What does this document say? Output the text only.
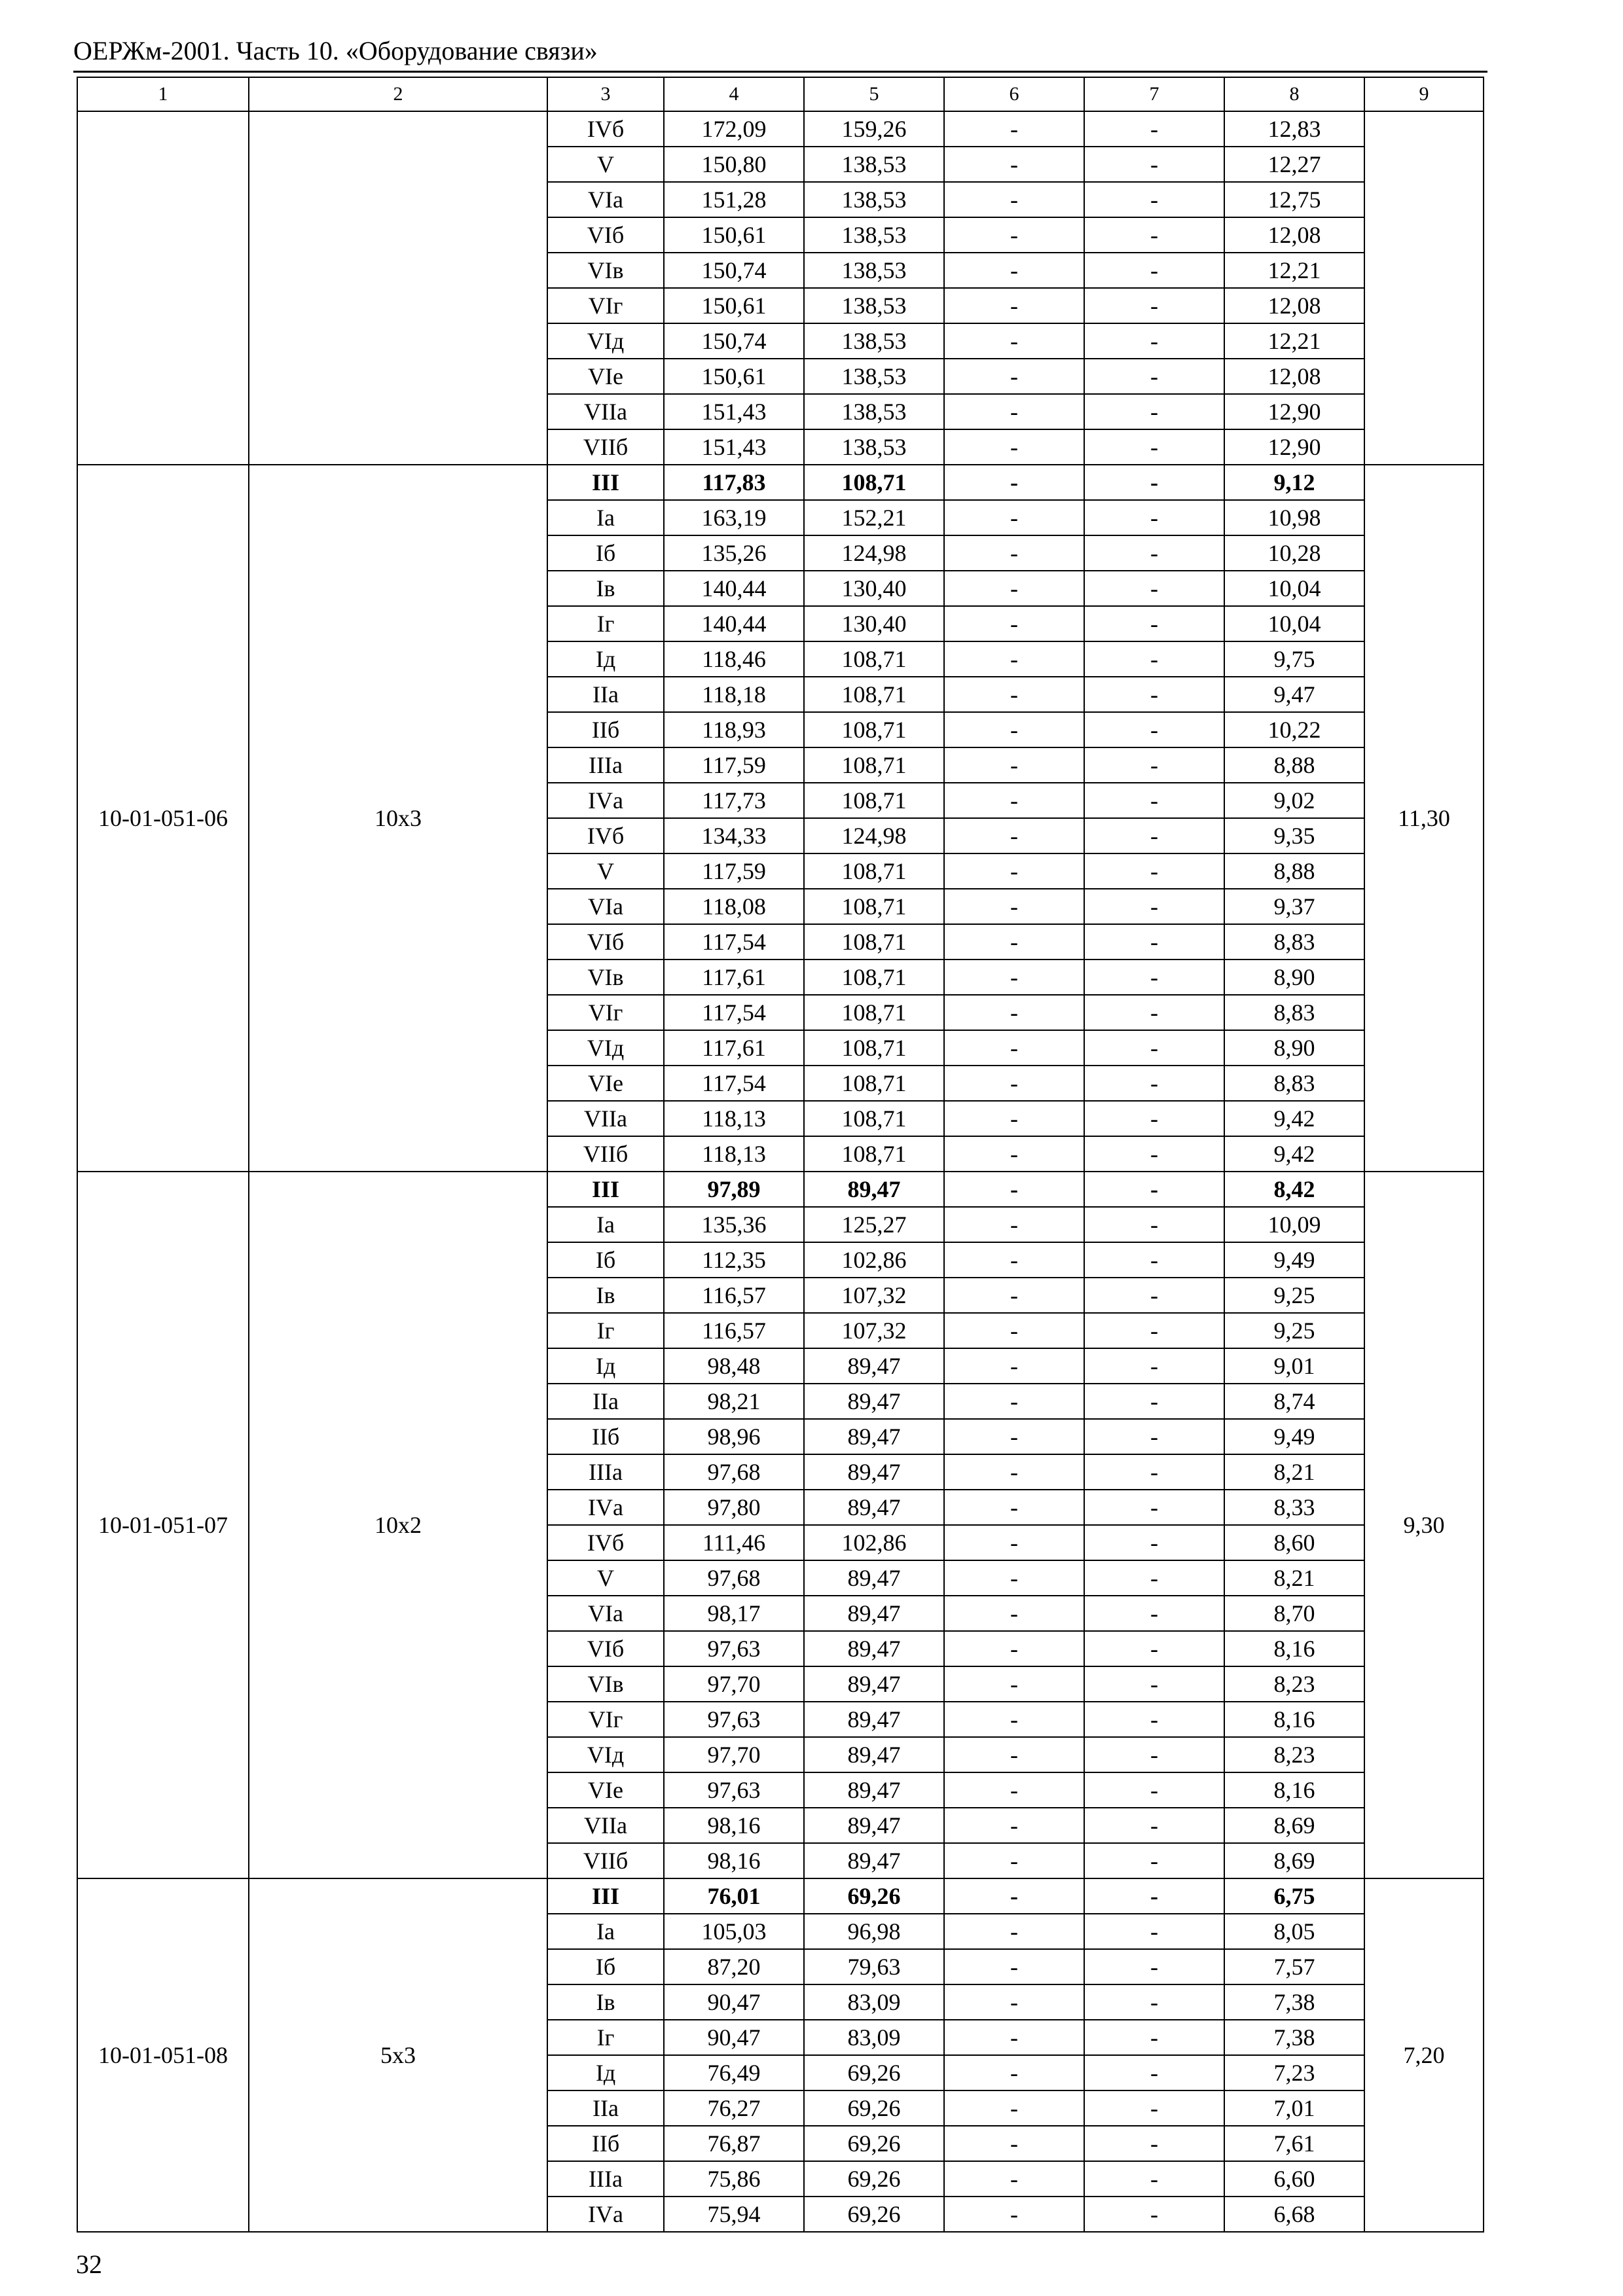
ОЕРЖм-2001. Часть 10. «Оборудование связи»
1	2	3	4	5	6	7	8	9
		IVб	172,09	159,26	-	-	12,83	
		V	150,80	138,53	-	-	12,27	
		VIа	151,28	138,53	-	-	12,75	
		VIб	150,61	138,53	-	-	12,08	
		VIв	150,74	138,53	-	-	12,21	
		VIг	150,61	138,53	-	-	12,08	
		VIд	150,74	138,53	-	-	12,21	
		VIе	150,61	138,53	-	-	12,08	
		VIIа	151,43	138,53	-	-	12,90	
		VIIб	151,43	138,53	-	-	12,90	
10-01-051-06	10х3	III	117,83	108,71	-	-	9,12	11,30
		Iа	163,19	152,21	-	-	10,98	
		Iб	135,26	124,98	-	-	10,28	
		Iв	140,44	130,40	-	-	10,04	
		Iг	140,44	130,40	-	-	10,04	
		Iд	118,46	108,71	-	-	9,75	
		IIа	118,18	108,71	-	-	9,47	
		IIб	118,93	108,71	-	-	10,22	
		IIIа	117,59	108,71	-	-	8,88	
		IVа	117,73	108,71	-	-	9,02	
		IVб	134,33	124,98	-	-	9,35	
		V	117,59	108,71	-	-	8,88	
		VIа	118,08	108,71	-	-	9,37	
		VIб	117,54	108,71	-	-	8,83	
		VIв	117,61	108,71	-	-	8,90	
		VIг	117,54	108,71	-	-	8,83	
		VIд	117,61	108,71	-	-	8,90	
		VIе	117,54	108,71	-	-	8,83	
		VIIа	118,13	108,71	-	-	9,42	
		VIIб	118,13	108,71	-	-	9,42	
10-01-051-07	10х2	III	97,89	89,47	-	-	8,42	9,30
		Iа	135,36	125,27	-	-	10,09	
		Iб	112,35	102,86	-	-	9,49	
		Iв	116,57	107,32	-	-	9,25	
		Iг	116,57	107,32	-	-	9,25	
		Iд	98,48	89,47	-	-	9,01	
		IIа	98,21	89,47	-	-	8,74	
		IIб	98,96	89,47	-	-	9,49	
		IIIа	97,68	89,47	-	-	8,21	
		IVа	97,80	89,47	-	-	8,33	
		IVб	111,46	102,86	-	-	8,60	
		V	97,68	89,47	-	-	8,21	
		VIа	98,17	89,47	-	-	8,70	
		VIб	97,63	89,47	-	-	8,16	
		VIв	97,70	89,47	-	-	8,23	
		VIг	97,63	89,47	-	-	8,16	
		VIд	97,70	89,47	-	-	8,23	
		VIе	97,63	89,47	-	-	8,16	
		VIIа	98,16	89,47	-	-	8,69	
		VIIб	98,16	89,47	-	-	8,69	
10-01-051-08	5х3	III	76,01	69,26	-	-	6,75	7,20
		Iа	105,03	96,98	-	-	8,05	
		Iб	87,20	79,63	-	-	7,57	
		Iв	90,47	83,09	-	-	7,38	
		Iг	90,47	83,09	-	-	7,38	
		Iд	76,49	69,26	-	-	7,23	
		IIа	76,27	69,26	-	-	7,01	
		IIб	76,87	69,26	-	-	7,61	
		IIIа	75,86	69,26	-	-	6,60	
		IVа	75,94	69,26	-	-	6,68	
32
